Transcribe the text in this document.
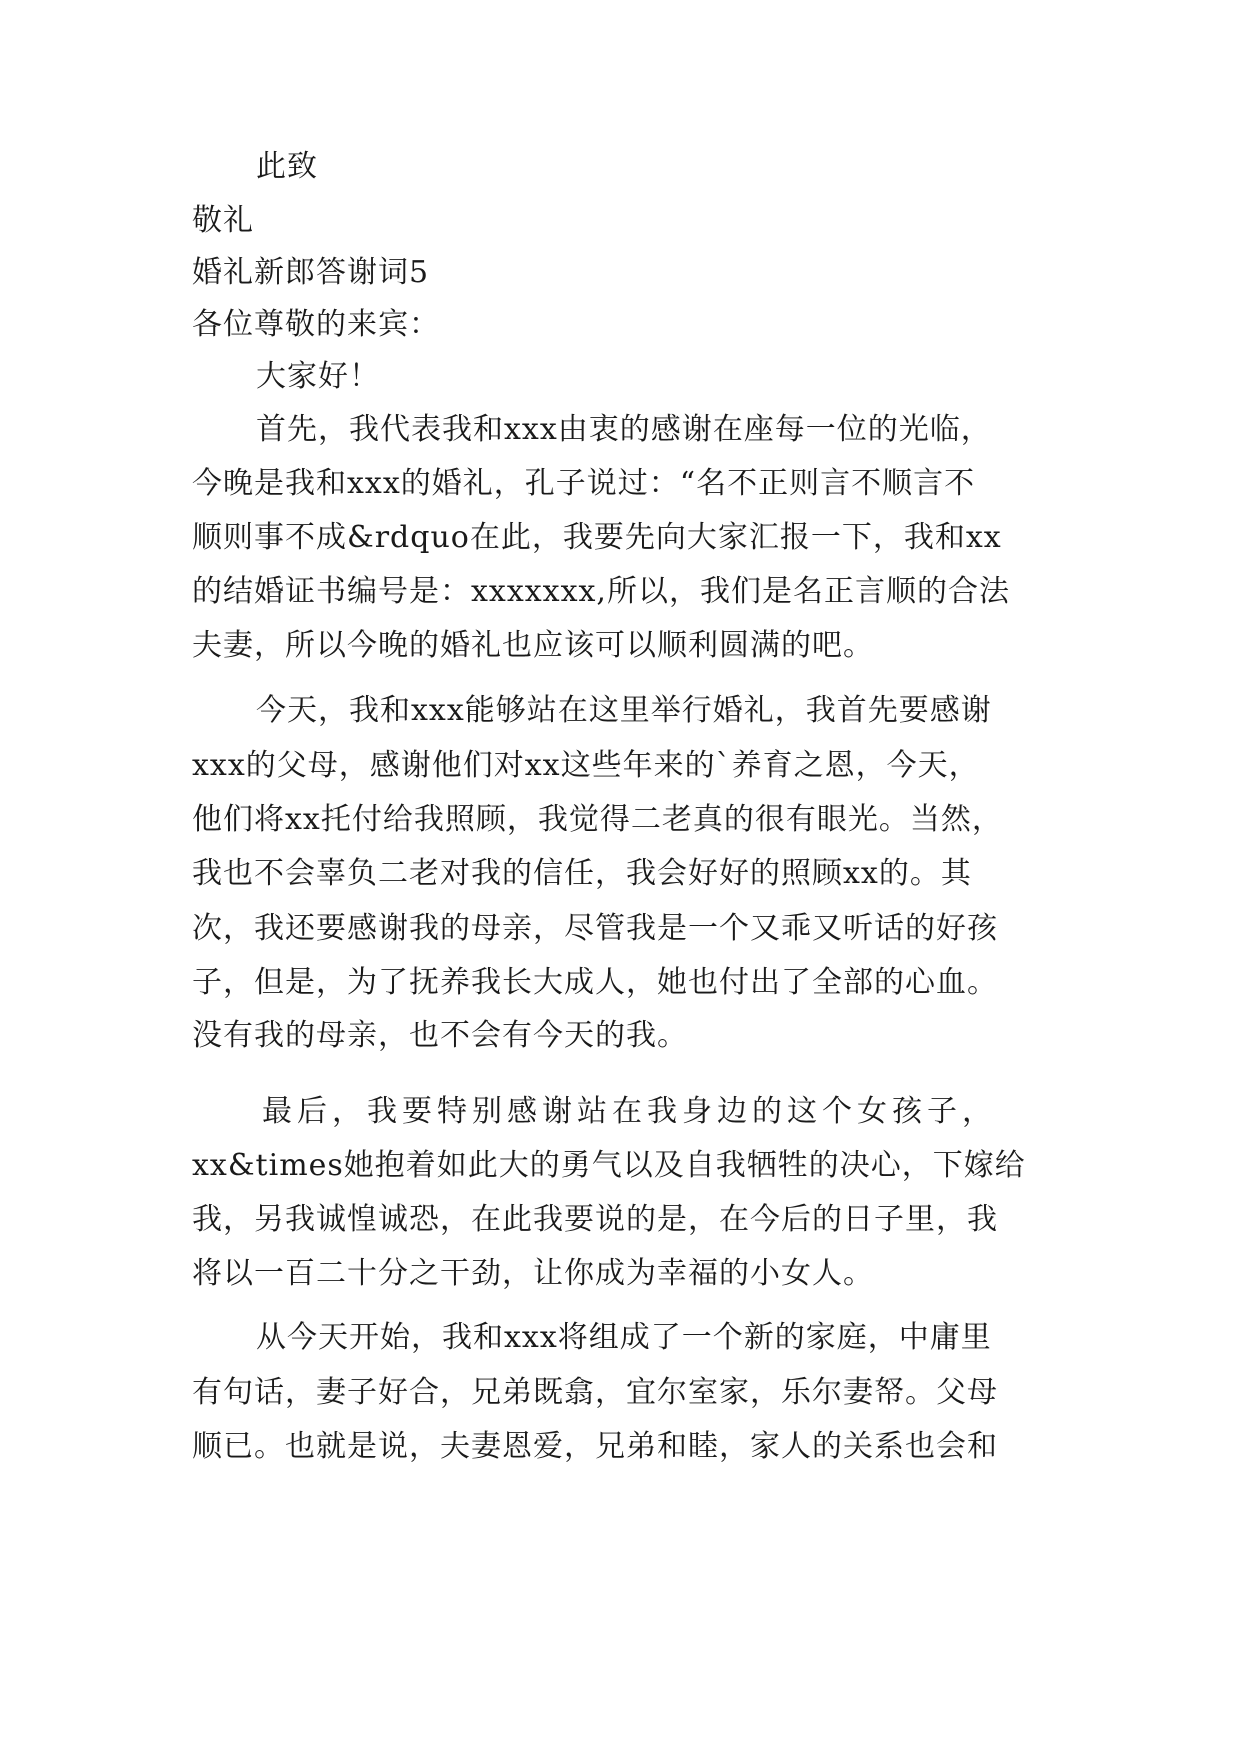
此致
敬礼
婚礼新郎答谢词5
各位尊敬的来宾：
大家好！
首先，我代表我和xxx由衷的感谢在座每一位的光临，
今晚是我和xxx的婚礼，孔子说过：“名不正则言不顺言不
顺则事不成&rdquo在此，我要先向大家汇报一下，我和xx
的结婚证书编号是：xxxxxxx,所以，我们是名正言顺的合法
夫妻，所以今晚的婚礼也应该可以顺利圆满的吧。
今天，我和xxx能够站在这里举行婚礼，我首先要感谢
xxx的父母，感谢他们对xx这些年来的`养育之恩，今天，
他们将xx托付给我照顾，我觉得二老真的很有眼光。当然，
我也不会辜负二老对我的信任，我会好好的照顾xx的。其
次，我还要感谢我的母亲，尽管我是一个又乖又听话的好孩
子，但是，为了抚养我长大成人，她也付出了全部的心血。
没有我的母亲，也不会有今天的我。
最后，我要特别感谢站在我身边的这个女孩子，
xx&times她抱着如此大的勇气以及自我牺牲的决心，下嫁给
我，另我诚惶诚恐，在此我要说的是，在今后的日子里，我
将以一百二十分之干劲，让你成为幸福的小女人。
从今天开始，我和xxx将组成了一个新的家庭，中庸里
有句话，妻子好合，兄弟既翕，宜尔室家，乐尔妻帑。父母
顺已。也就是说，夫妻恩爱，兄弟和睦，家人的关系也会和
